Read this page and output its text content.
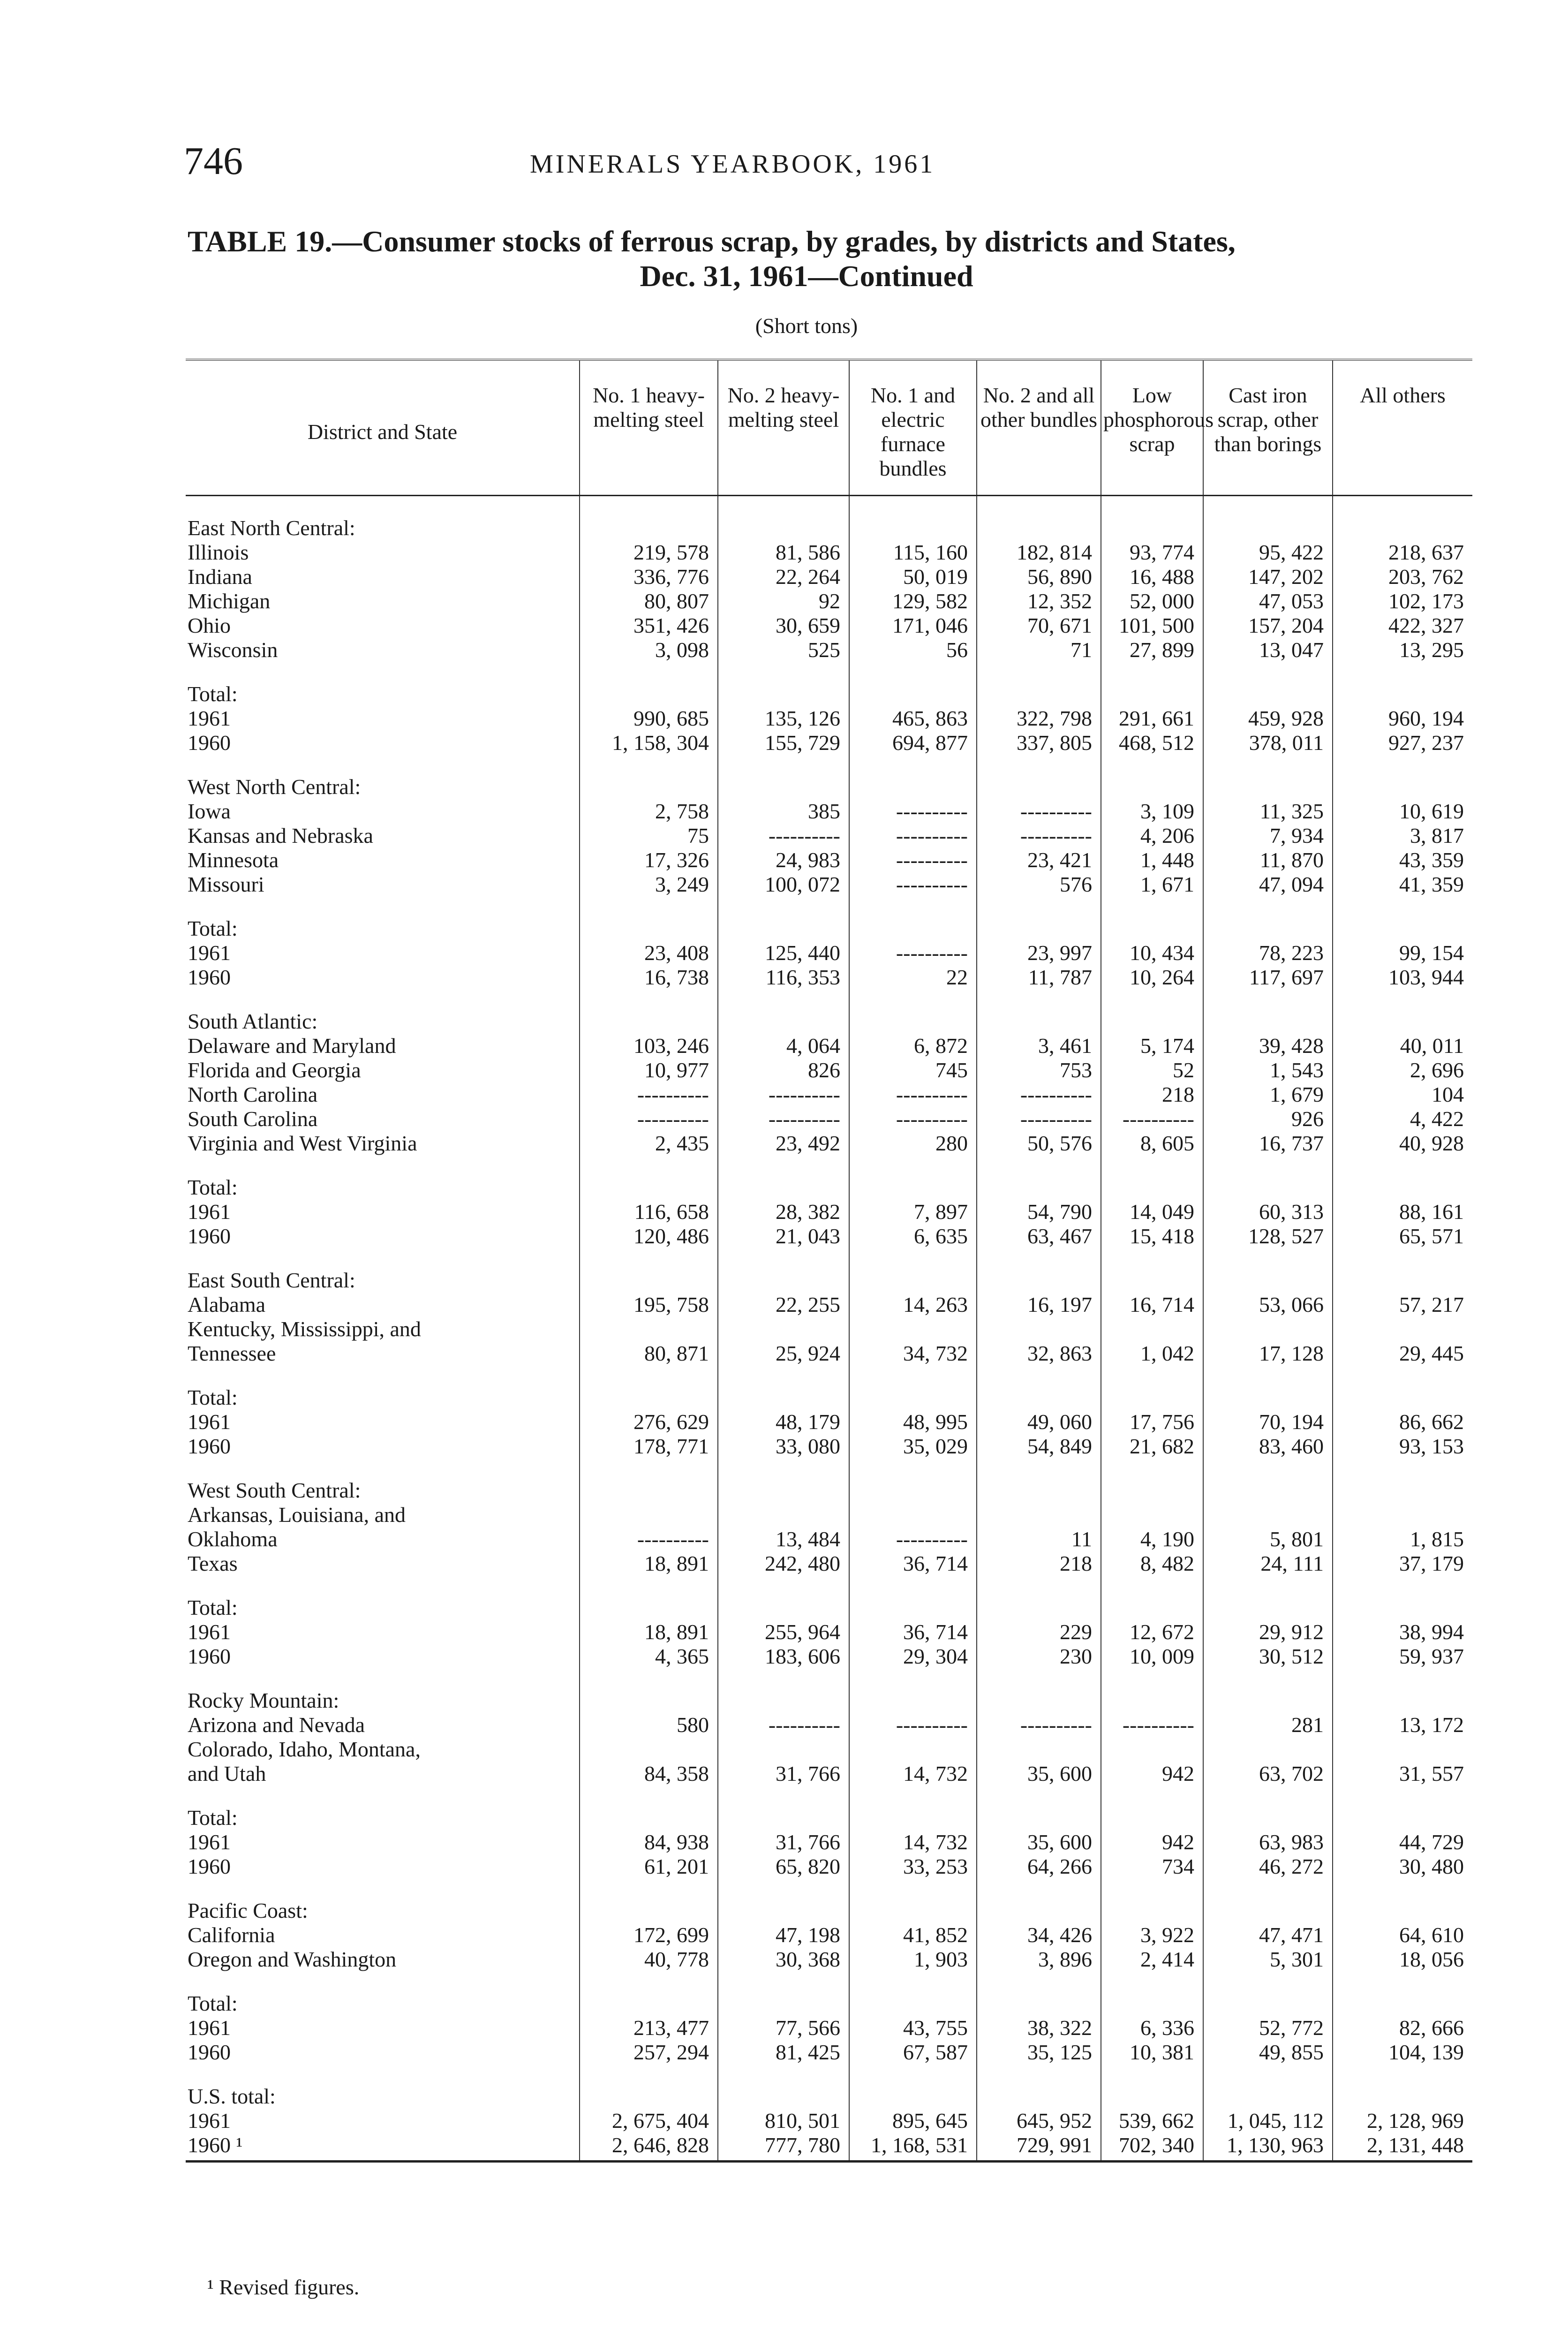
746	MINERALS YEARBOOK, 1961
TABLE 19.—Consumer stocks of ferrous scrap, by grades, by districts and States,
Dec. 31, 1961—Continued
(Short tons)
District and State	No. 1 heavy-melting steel	No. 2 heavy-melting steel	No. 1 and electric furnace bundles	No. 2 and all other bundles	Low phosphorous scrap	Cast iron scrap, other than borings	All others
East North Central:							
Illinois	219, 578	81, 586	115, 160	182, 814	93, 774	95, 422	218, 637
Indiana	336, 776	22, 264	50, 019	56, 890	16, 488	147, 202	203, 762
Michigan	80, 807	92	129, 582	12, 352	52, 000	47, 053	102, 173
Ohio	351, 426	30, 659	171, 046	70, 671	101, 500	157, 204	422, 327
Wisconsin	3, 098	525	56	71	27, 899	13, 047	13, 295
Total:							
1961	990, 685	135, 126	465, 863	322, 798	291, 661	459, 928	960, 194
1960	1, 158, 304	155, 729	694, 877	337, 805	468, 512	378, 011	927, 237
West North Central:							
Iowa	2, 758	385	----------	----------	3, 109	11, 325	10, 619
Kansas and Nebraska	75	----------	----------	----------	4, 206	7, 934	3, 817
Minnesota	17, 326	24, 983	----------	23, 421	1, 448	11, 870	43, 359
Missouri	3, 249	100, 072	----------	576	1, 671	47, 094	41, 359
Total:							
1961	23, 408	125, 440	----------	23, 997	10, 434	78, 223	99, 154
1960	16, 738	116, 353	22	11, 787	10, 264	117, 697	103, 944
South Atlantic:							
Delaware and Maryland	103, 246	4, 064	6, 872	3, 461	5, 174	39, 428	40, 011
Florida and Georgia	10, 977	826	745	753	52	1, 543	2, 696
North Carolina	----------	----------	----------	----------	218	1, 679	104
South Carolina	----------	----------	----------	----------	----------	926	4, 422
Virginia and West Virginia	2, 435	23, 492	280	50, 576	8, 605	16, 737	40, 928
Total:							
1961	116, 658	28, 382	7, 897	54, 790	14, 049	60, 313	88, 161
1960	120, 486	21, 043	6, 635	63, 467	15, 418	128, 527	65, 571
East South Central:							
Alabama	195, 758	22, 255	14, 263	16, 197	16, 714	53, 066	57, 217
Kentucky, Mississippi, and							
Tennessee	80, 871	25, 924	34, 732	32, 863	1, 042	17, 128	29, 445
Total:							
1961	276, 629	48, 179	48, 995	49, 060	17, 756	70, 194	86, 662
1960	178, 771	33, 080	35, 029	54, 849	21, 682	83, 460	93, 153
West South Central:							
Arkansas, Louisiana, and							
Oklahoma	----------	13, 484	----------	11	4, 190	5, 801	1, 815
Texas	18, 891	242, 480	36, 714	218	8, 482	24, 111	37, 179
Total:							
1961	18, 891	255, 964	36, 714	229	12, 672	29, 912	38, 994
1960	4, 365	183, 606	29, 304	230	10, 009	30, 512	59, 937
Rocky Mountain:							
Arizona and Nevada	580	----------	----------	----------	----------	281	13, 172
Colorado, Idaho, Montana,							
and Utah	84, 358	31, 766	14, 732	35, 600	942	63, 702	31, 557
Total:							
1961	84, 938	31, 766	14, 732	35, 600	942	63, 983	44, 729
1960	61, 201	65, 820	33, 253	64, 266	734	46, 272	30, 480
Pacific Coast:							
California	172, 699	47, 198	41, 852	34, 426	3, 922	47, 471	64, 610
Oregon and Washington	40, 778	30, 368	1, 903	3, 896	2, 414	5, 301	18, 056
Total:							
1961	213, 477	77, 566	43, 755	38, 322	6, 336	52, 772	82, 666
1960	257, 294	81, 425	67, 587	35, 125	10, 381	49, 855	104, 139
U.S. total:							
1961	2, 675, 404	810, 501	895, 645	645, 952	539, 662	1, 045, 112	2, 128, 969
1960 ¹	2, 646, 828	777, 780	1, 168, 531	729, 991	702, 340	1, 130, 963	2, 131, 448
¹ Revised figures.
